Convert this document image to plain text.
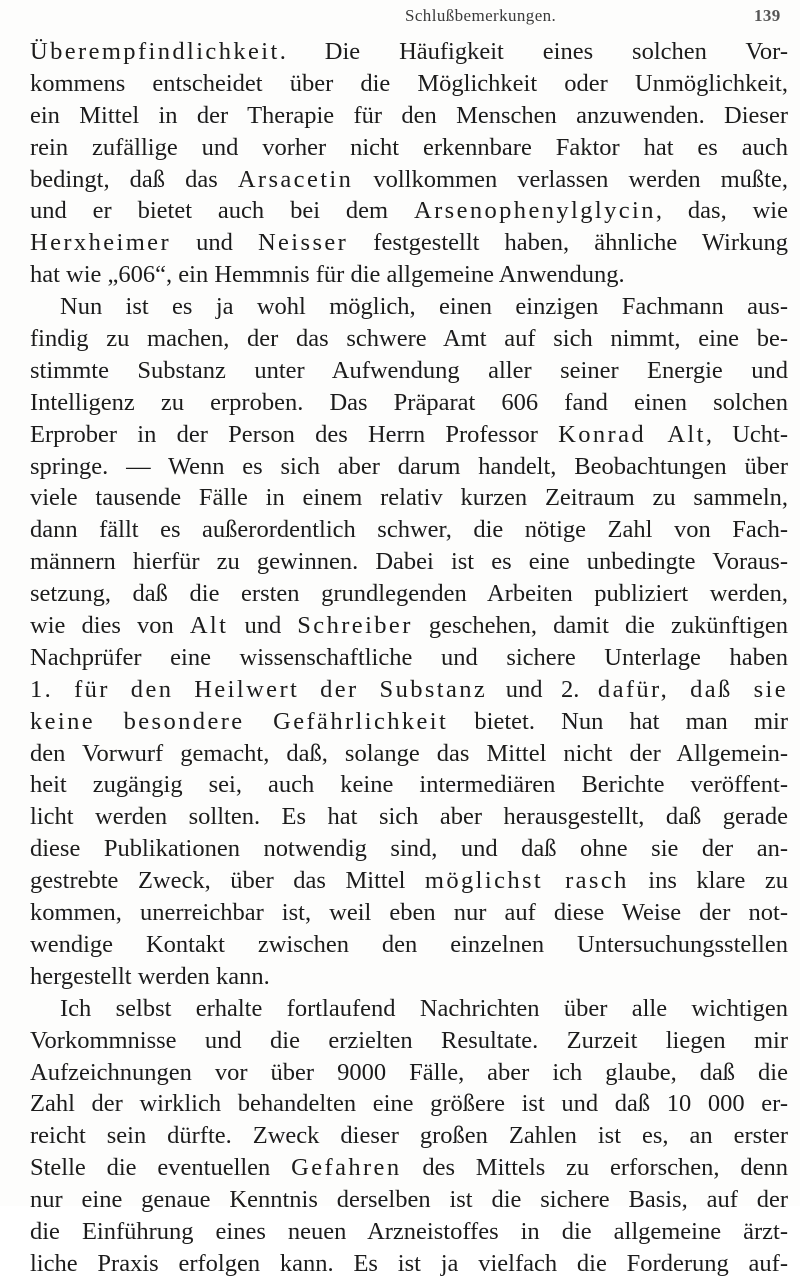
Schlußbemerkungen.	139
Überempfindlichkeit. Die Häufigkeit eines solchen Vor-
kommens entscheidet über die Möglichkeit oder Unmöglichkeit,
ein Mittel in der Therapie für den Menschen anzuwenden. Dieser
rein zufällige und vorher nicht erkennbare Faktor hat es auch
bedingt, daß das Arsacetin vollkommen verlassen werden mußte,
und er bietet auch bei dem Arsenophenylglycin, das, wie
Herxheimer und Neisser festgestellt haben, ähnliche Wirkung
hat wie „606“, ein Hemmnis für die allgemeine Anwendung.
Nun ist es ja wohl möglich, einen einzigen Fachmann aus-
findig zu machen, der das schwere Amt auf sich nimmt, eine be-
stimmte Substanz unter Aufwendung aller seiner Energie und
Intelligenz zu erproben. Das Präparat 606 fand einen solchen
Erprober in der Person des Herrn Professor Konrad Alt, Ucht-
springe. — Wenn es sich aber darum handelt, Beobachtungen über
viele tausende Fälle in einem relativ kurzen Zeitraum zu sammeln,
dann fällt es außerordentlich schwer, die nötige Zahl von Fach-
männern hierfür zu gewinnen. Dabei ist es eine unbedingte Voraus-
setzung, daß die ersten grundlegenden Arbeiten publiziert werden,
wie dies von Alt und Schreiber geschehen, damit die zukünftigen
Nachprüfer eine wissenschaftliche und sichere Unterlage haben
1. für den Heilwert der Substanz und 2. dafür, daß sie
keine besondere Gefährlichkeit bietet. Nun hat man mir
den Vorwurf gemacht, daß, solange das Mittel nicht der Allgemein-
heit zugängig sei, auch keine intermediären Berichte veröffent-
licht werden sollten. Es hat sich aber herausgestellt, daß gerade
diese Publikationen notwendig sind, und daß ohne sie der an-
gestrebte Zweck, über das Mittel möglichst rasch ins klare zu
kommen, unerreichbar ist, weil eben nur auf diese Weise der not-
wendige Kontakt zwischen den einzelnen Untersuchungsstellen
hergestellt werden kann.
Ich selbst erhalte fortlaufend Nachrichten über alle wichtigen
Vorkommnisse und die erzielten Resultate. Zurzeit liegen mir
Aufzeichnungen vor über 9000 Fälle, aber ich glaube, daß die
Zahl der wirklich behandelten eine größere ist und daß 10 000 er-
reicht sein dürfte. Zweck dieser großen Zahlen ist es, an erster
Stelle die eventuellen Gefahren des Mittels zu erforschen, denn
nur eine genaue Kenntnis derselben ist die sichere Basis, auf der
die Einführung eines neuen Arzneistoffes in die allgemeine ärzt-
liche Praxis erfolgen kann. Es ist ja vielfach die Forderung auf-
